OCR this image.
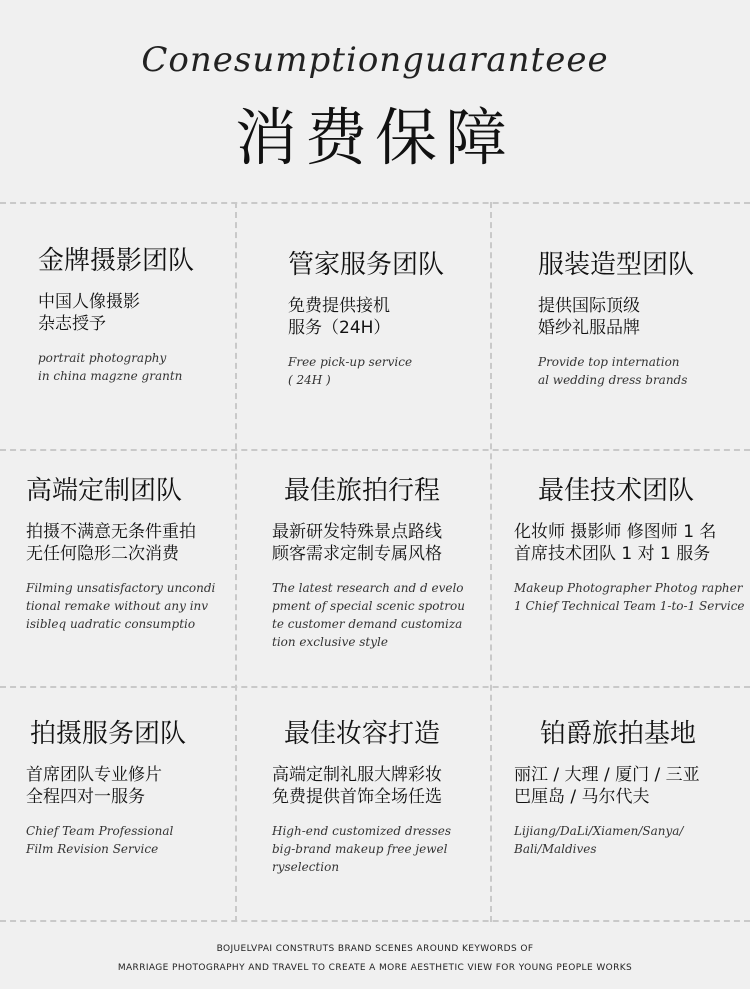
Conesumptionguaranteee
消费保障
金牌摄影团队
中国人像摄影
杂志授予
portrait photography
in china magzne grantn
管家服务团队
免费提供接机
服务（24H）
Free pick-up service
( 24H )
服装造型团队
提供国际顶级
婚纱礼服品牌
Provide top internation
al wedding dress brands
高端定制团队
拍摄不满意无条件重拍
无任何隐形二次消费
Filming unsatisfactory uncondi
tional remake without any inv
isibleq uadratic consumptio
最佳旅拍行程
最新研发特殊景点路线
顾客需求定制专属风格
The latest research and d evelo
pment of special scenic spotrou
te customer demand customiza
tion exclusive style
最佳技术团队
化妆师 摄影师 修图师 1 名
首席技术团队 1 对 1 服务
Makeup Photographer Photog rapher
1 Chief Technical Team 1-to-1 Service
拍摄服务团队
首席团队专业修片
全程四对一服务
Chief Team Professional
Film Revision Service
最佳妆容打造
高端定制礼服大牌彩妆
免费提供首饰全场任选
High-end customized dresses
big-brand makeup free jewel
ryselection
铂爵旅拍基地
丽江 / 大理 / 厦门 / 三亚
巴厘岛 / 马尔代夫
Lijiang/DaLi/Xiamen/Sanya/
Bali/Maldives
BOJUELVPAI CONSTRUTS BRAND SCENES AROUND KEYWORDS OF
MARRIAGE PHOTOGRAPHY AND TRAVEL TO CREATE A MORE AESTHETIC VIEW FOR YOUNG PEOPLE WORKS
